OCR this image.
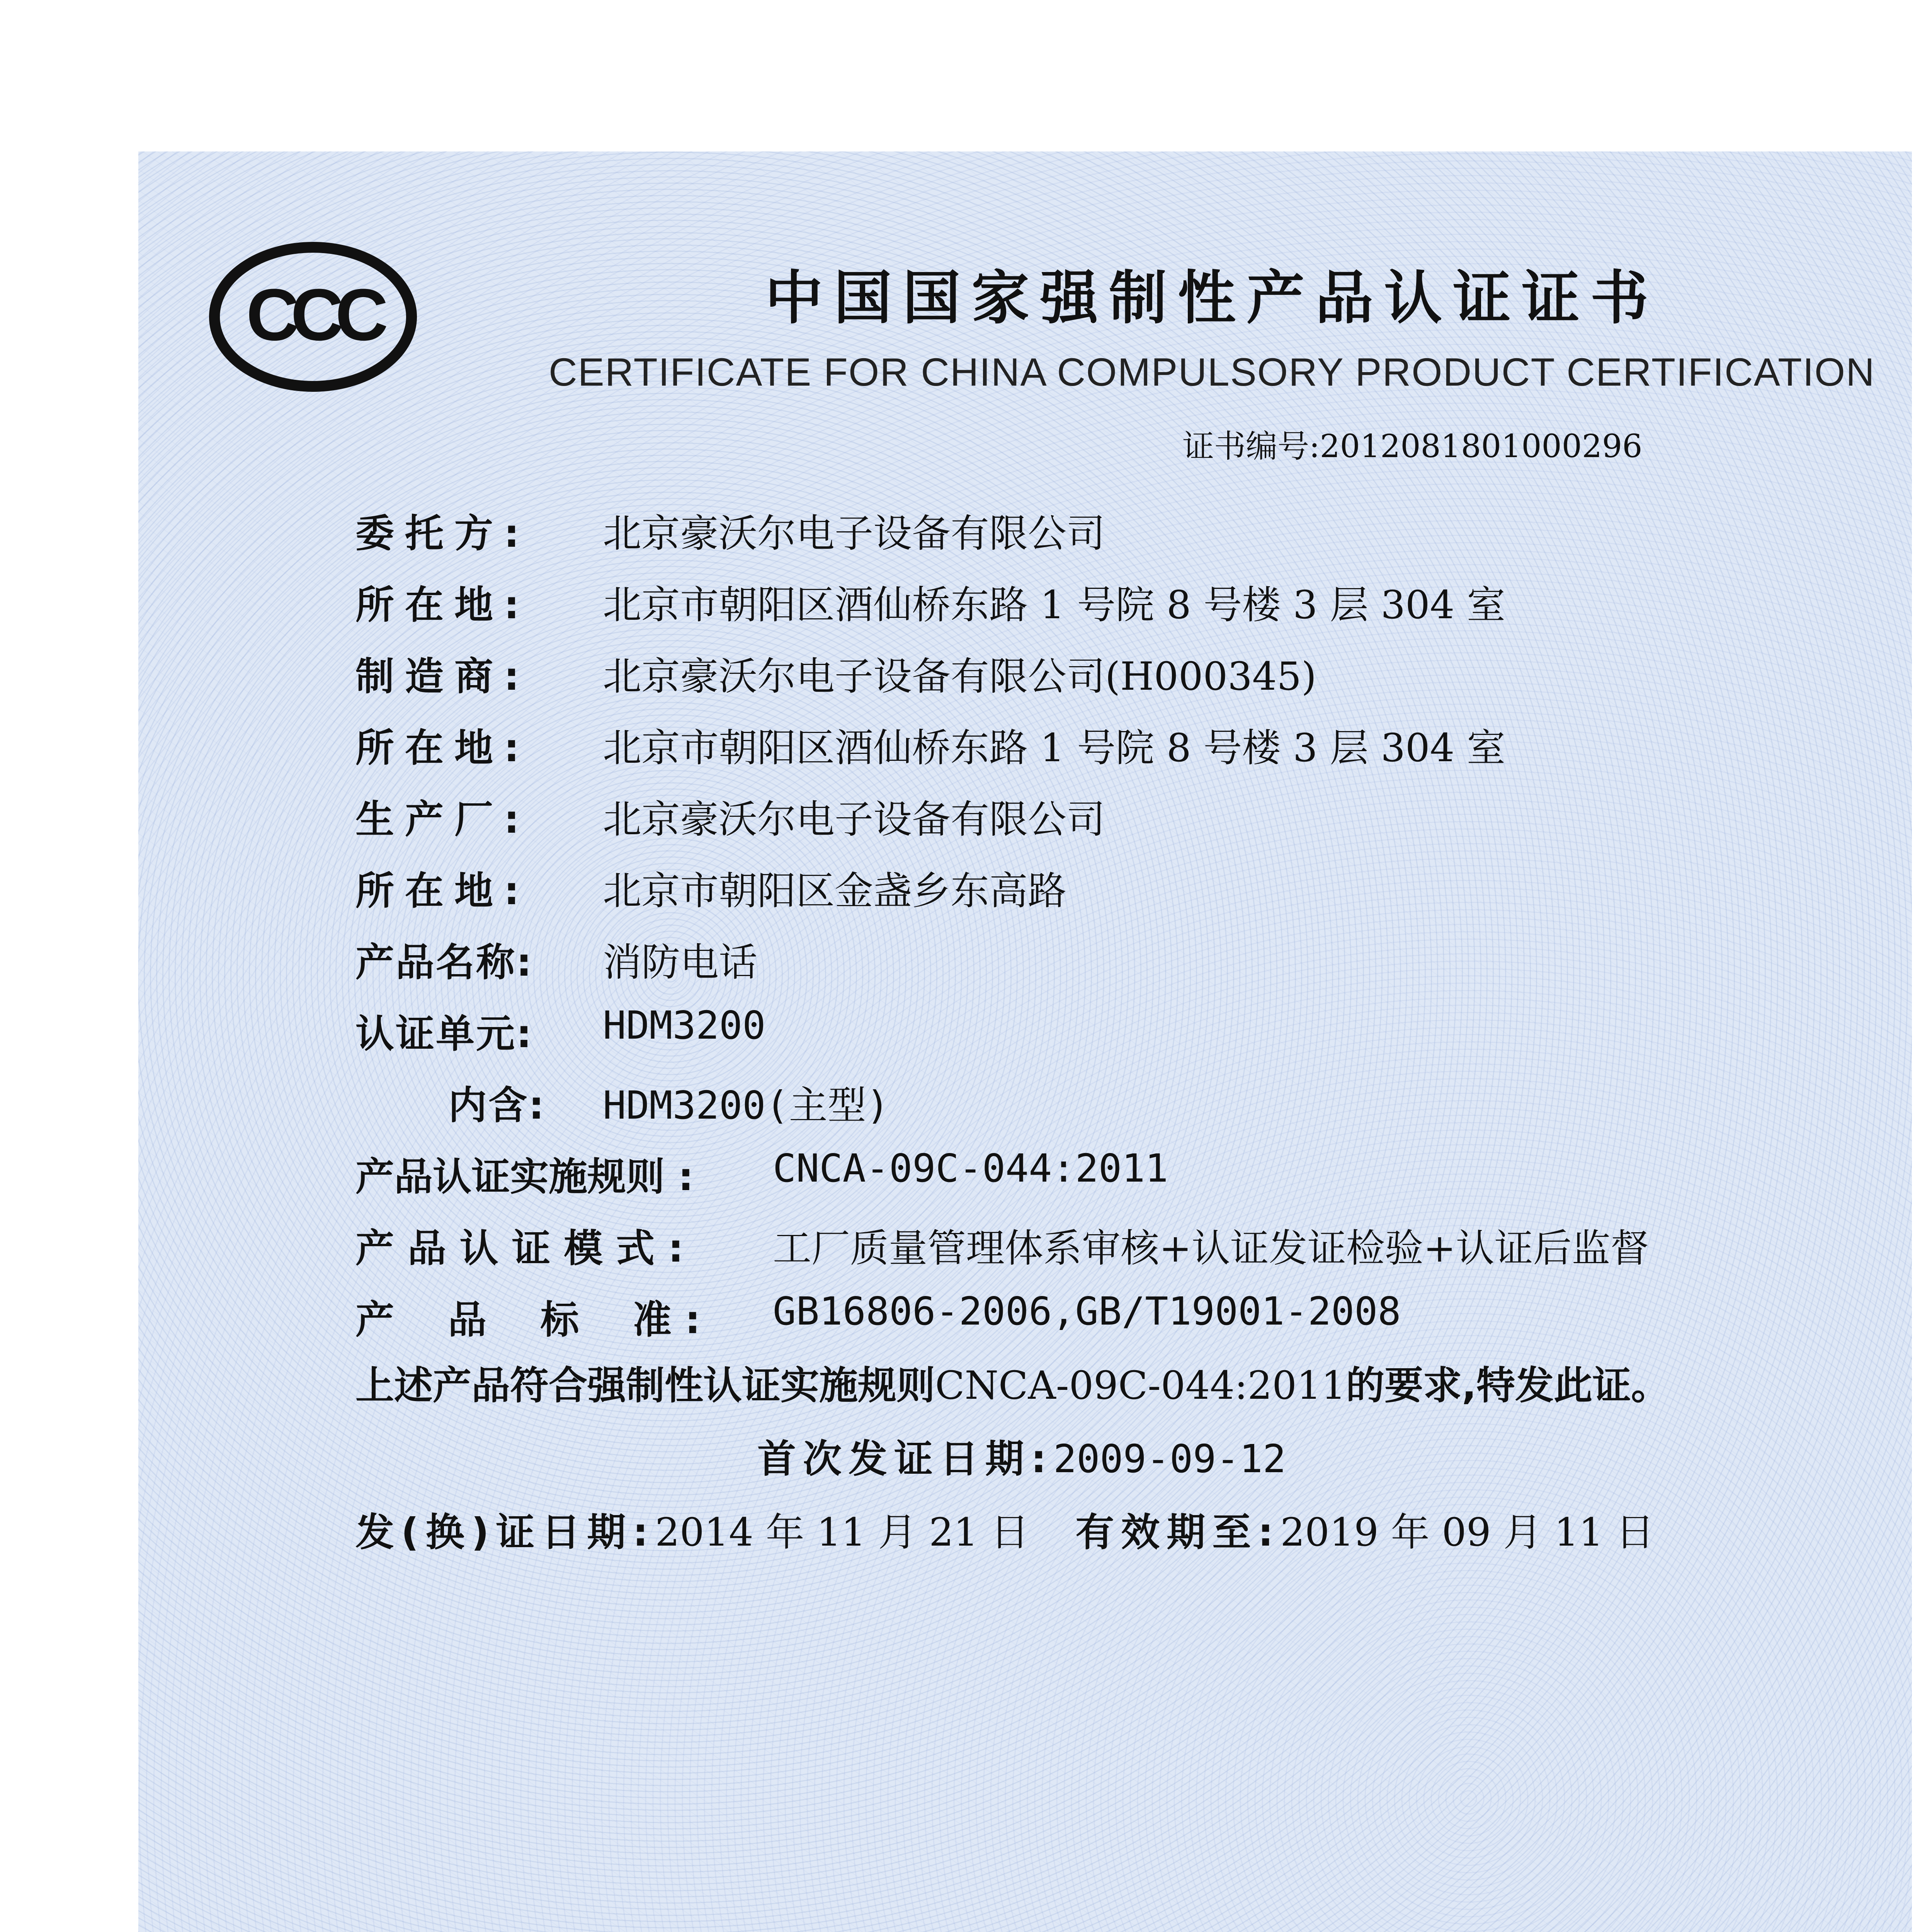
CCC	中国国家强制性产品认证证书
CERTIFICATE FOR CHINA COMPULSORY PRODUCT CERTIFICATION
证书编号:2012081801000296
委托方:	北京豪沃尔电子设备有限公司
所在地:	北京市朝阳区酒仙桥东路 1 号院 8 号楼 3 层 304 室
制造商:	北京豪沃尔电子设备有限公司(H000345)
所在地:	北京市朝阳区酒仙桥东路 1 号院 8 号楼 3 层 304 室
生产厂:	北京豪沃尔电子设备有限公司
所在地:	北京市朝阳区金盏乡东高路
产品名称:	消防电话
认证单元:	HDM3200
内含:	HDM3200(主型)
产品认证实施规则 :	CNCA-09C-044:2011
产 品 认 证 模 式 :	工厂质量管理体系审核+认证发证检验+认证后监督
产    品    标    准 :	GB16806-2006,GB/T19001-2008
上述产品符合强制性认证实施规则CNCA-09C-044:2011的要求,特发此证。
首次发证日期:2009-09-12
发(换)证日期:2014 年 11 月 21 日 有效期至:2019 年 09 月 11 日
